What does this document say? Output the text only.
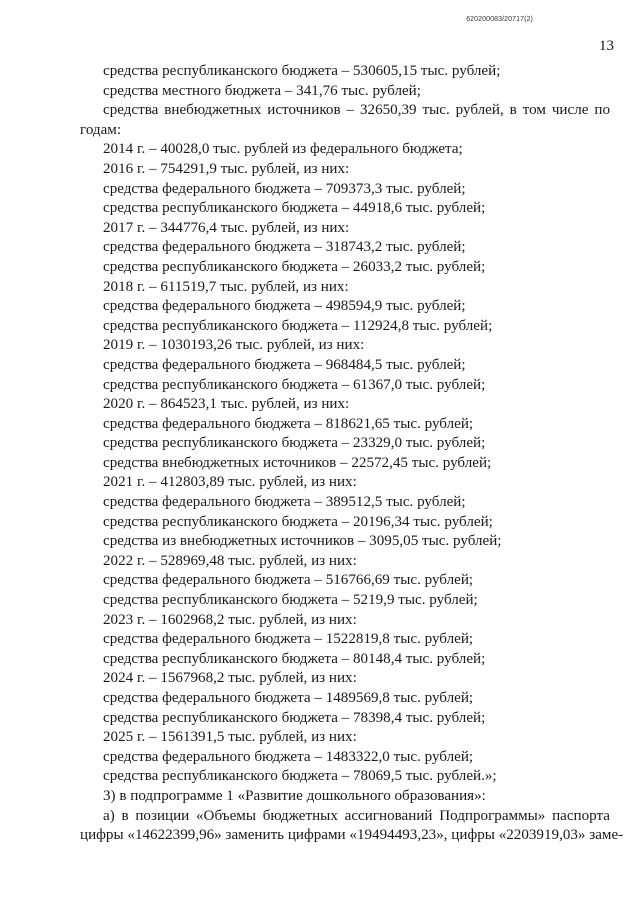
620200083/20717(2)
13
средства республиканского бюджета – 530605,15 тыс. рублей;
средства местного бюджета – 341,76 тыс. рублей;
средства внебюджетных источников – 32650,39 тыс. рублей, в том числе по
годам:
2014 г. – 40028,0 тыс. рублей из федерального бюджета;
2016 г. – 754291,9 тыс. рублей, из них:
средства федерального бюджета – 709373,3 тыс. рублей;
средства республиканского бюджета – 44918,6 тыс. рублей;
2017 г. – 344776,4 тыс. рублей, из них:
средства федерального бюджета – 318743,2 тыс. рублей;
средства республиканского бюджета – 26033,2 тыс. рублей;
2018 г. – 611519,7 тыс. рублей, из них:
средства федерального бюджета – 498594,9 тыс. рублей;
средства республиканского бюджета – 112924,8 тыс. рублей;
2019 г. – 1030193,26 тыс. рублей, из них:
средства федерального бюджета – 968484,5 тыс. рублей;
средства республиканского бюджета – 61367,0 тыс. рублей;
2020 г. – 864523,1 тыс. рублей, из них:
средства федерального бюджета – 818621,65 тыс. рублей;
средства республиканского бюджета – 23329,0 тыс. рублей;
средства внебюджетных источников – 22572,45 тыс. рублей;
2021 г. – 412803,89 тыс. рублей, из них:
средства федерального бюджета – 389512,5 тыс. рублей;
средства республиканского бюджета – 20196,34 тыс. рублей;
средства из внебюджетных источников – 3095,05 тыс. рублей;
2022 г. – 528969,48 тыс. рублей, из них:
средства федерального бюджета – 516766,69 тыс. рублей;
средства республиканского бюджета – 5219,9 тыс. рублей;
2023 г. – 1602968,2 тыс. рублей, из них:
средства федерального бюджета – 1522819,8 тыс. рублей;
средства республиканского бюджета – 80148,4 тыс. рублей;
2024 г. – 1567968,2 тыс. рублей, из них:
средства федерального бюджета – 1489569,8 тыс. рублей;
средства республиканского бюджета – 78398,4 тыс. рублей;
2025 г. – 1561391,5 тыс. рублей, из них:
средства федерального бюджета – 1483322,0 тыс. рублей;
средства республиканского бюджета – 78069,5 тыс. рублей.»;
3) в подпрограмме 1 «Развитие дошкольного образования»:
а) в позиции «Объемы бюджетных ассигнований Подпрограммы» паспорта
цифры «14622399,96» заменить цифрами «19494493,23», цифры «2203919,03» заме-
